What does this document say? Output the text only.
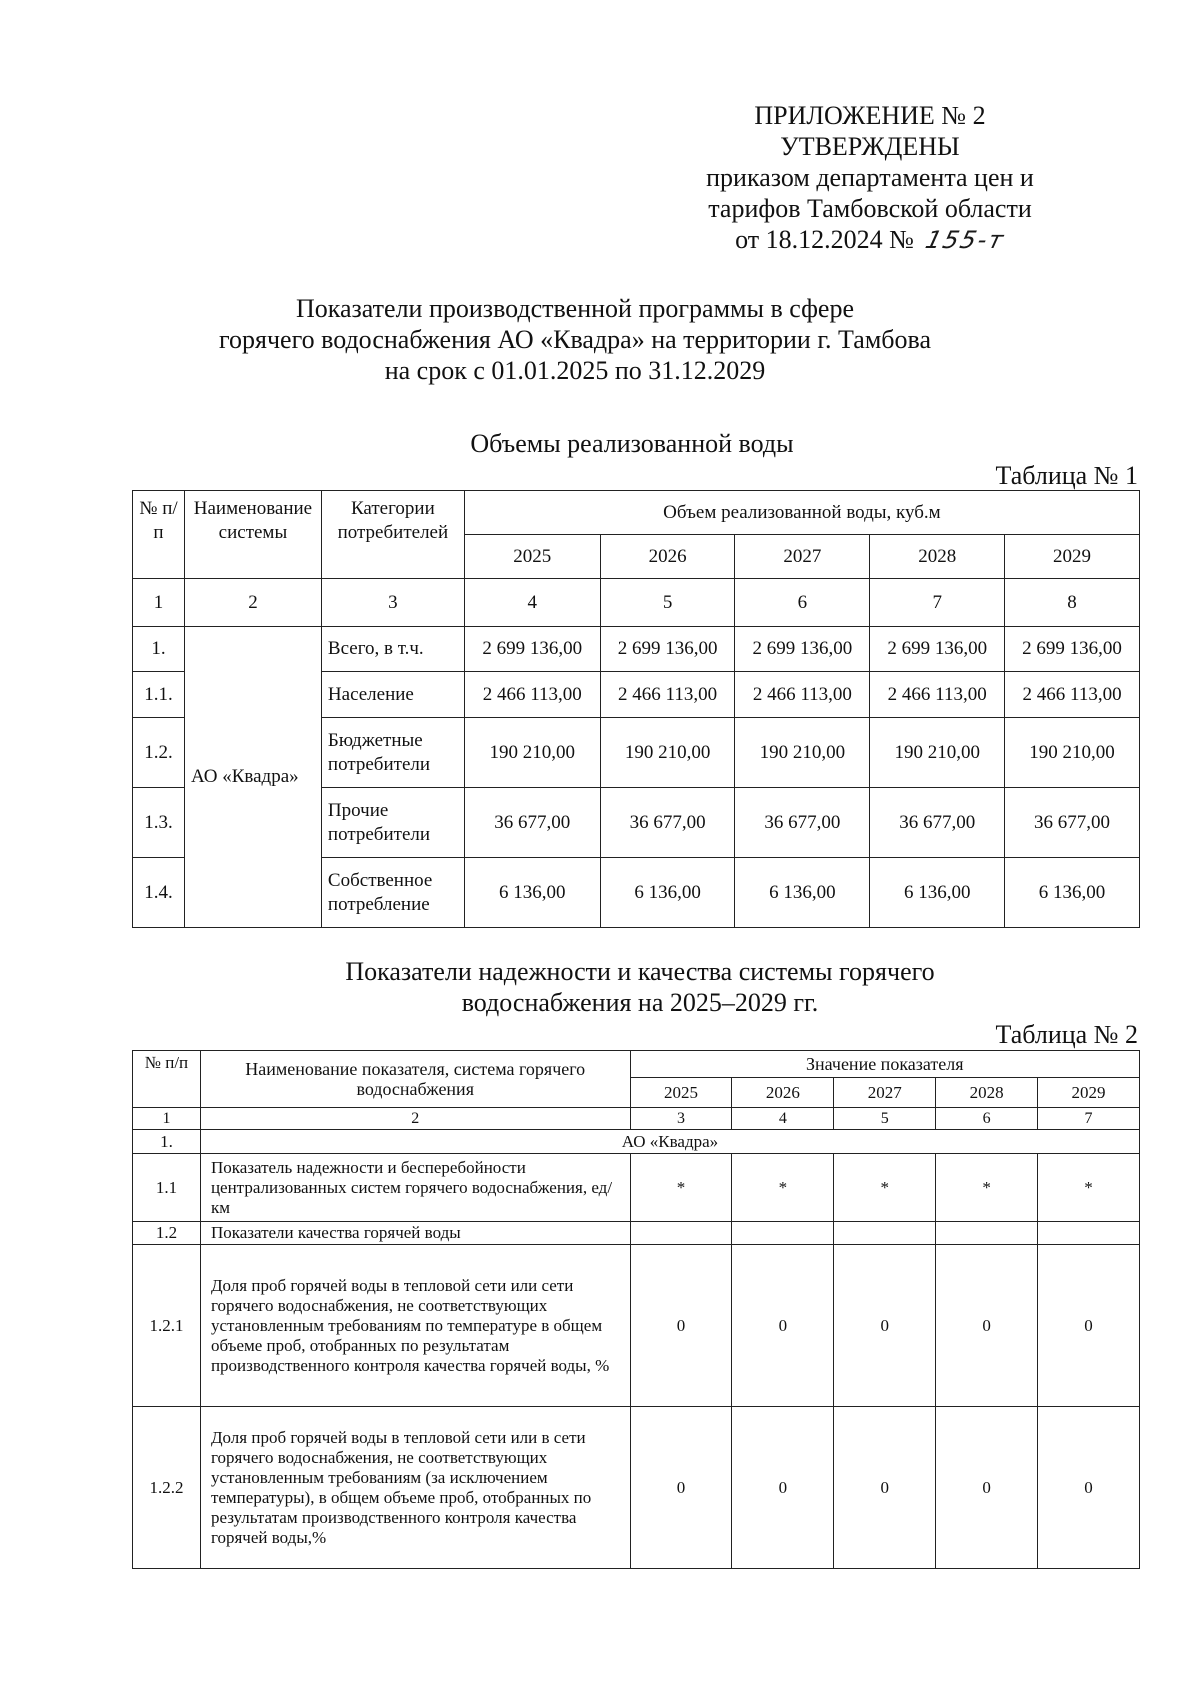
ПРИЛОЖЕНИЕ № 2
УТВЕРЖДЕНЫ
приказом департамента цен и
тарифов Тамбовской области
от 18.12.2024 № 155-т
Показатели производственной программы в сфере
горячего водоснабжения АО «Квадра» на территории г. Тамбова
на срок с 01.01.2025 по 31.12.2029
Объемы реализованной воды
Таблица № 1
№ п/п	Наименование системы	Категории потребителей	Объем реализованной воды, куб.м				
			2025	2026	2027	2028	2029
1	2	3	4	5	6	7	8
1.	АО «Квадра»	Всего, в т.ч.	2 699 136,00	2 699 136,00	2 699 136,00	2 699 136,00	2 699 136,00
1.1.		Население	2 466 113,00	2 466 113,00	2 466 113,00	2 466 113,00	2 466 113,00
1.2.		Бюджетные потребители	190 210,00	190 210,00	190 210,00	190 210,00	190 210,00
1.3.		Прочие потребители	36 677,00	36 677,00	36 677,00	36 677,00	36 677,00
1.4.		Собственное потребление	6 136,00	6 136,00	6 136,00	6 136,00	6 136,00
Показатели надежности и качества системы горячего
водоснабжения на 2025–2029 гг.
Таблица № 2
№ п/п	Наименование показателя, система горячего водоснабжения	Значение показателя				
		2025	2026	2027	2028	2029
1	2	3	4	5	6	7
1.	АО «Квадра»					
1.1	Показатель надежности и бесперебойности централизованных систем горячего водоснабжения, ед/км	*	*	*	*	*
1.2	Показатели качества горячей воды					
1.2.1	Доля проб горячей воды в тепловой сети или сети горячего водоснабжения, не соответствующих установленным требованиям по температуре в общем объеме проб, отобранных по результатам производственного контроля качества горячей воды, %	0	0	0	0	0
1.2.2	Доля проб горячей воды в тепловой сети или в сети горячего водоснабжения, не соответствующих установленным требованиям (за исключением температуры), в общем объеме проб, отобранных по результатам производственного контроля качества горячей воды,%	0	0	0	0	0
